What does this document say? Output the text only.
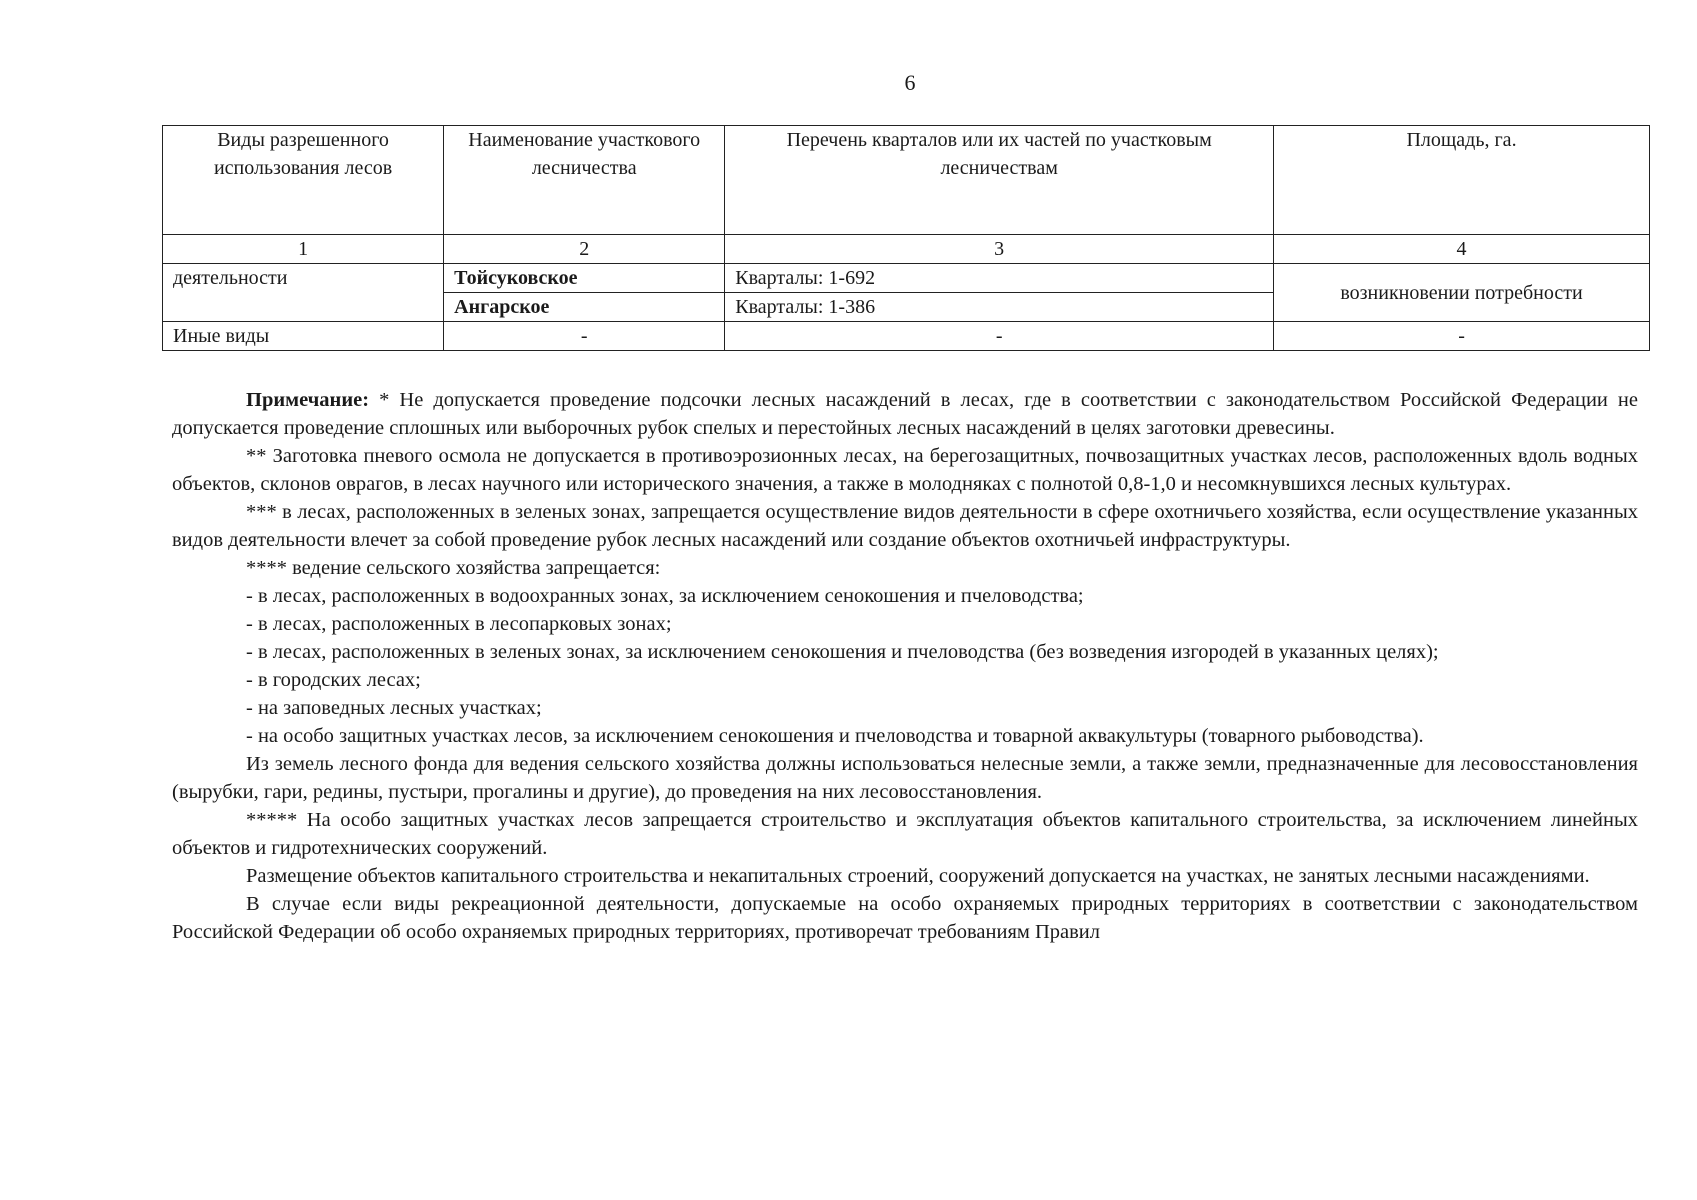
6
Виды разрешенного использования лесов	Наименование участкового лесничества	Перечень кварталов или их частей по участковым лесничествам	Площадь, га.
1	2	3	4
деятельности	Тойсуковское	Кварталы: 1-692	возникновении потребности
	Ангарское	Кварталы: 1-386	
Иные виды	-	-	-

Примечание: * Не допускается проведение подсочки лесных насаждений в лесах, где в соответствии с законодательством Российской Федерации не допускается проведение сплошных или выборочных рубок спелых и перестойных лесных насаждений в целях заготовки древесины.

** Заготовка пневого осмола не допускается в противоэрозионных лесах, на берегозащитных, почвозащитных участках лесов, расположенных вдоль водных объектов, склонов оврагов, в лесах научного или исторического значения, а также в молодняках с полнотой 0,8-1,0 и несомкнувшихся лесных культурах.

*** в лесах, расположенных в зеленых зонах, запрещается осуществление видов деятельности в сфере охотничьего хозяйства, если осуществление указанных видов деятельности влечет за собой проведение рубок лесных насаждений или создание объектов охотничьей инфраструктуры.

**** ведение сельского хозяйства запрещается:

- в лесах, расположенных в водоохранных зонах, за исключением сенокошения и пчеловодства;

- в лесах, расположенных в лесопарковых зонах;

- в лесах, расположенных в зеленых зонах, за исключением сенокошения и пчеловодства (без возведения изгородей в указанных целях);

- в городских лесах;

- на заповедных лесных участках;

- на особо защитных участках лесов, за исключением сенокошения и пчеловодства и товарной аквакультуры (товарного рыбоводства).

Из земель лесного фонда для ведения сельского хозяйства должны использоваться нелесные земли, а также земли, предназначенные для лесовосстановления (вырубки, гари, редины, пустыри, прогалины и другие), до проведения на них лесовосстановления.

***** На особо защитных участках лесов запрещается строительство и эксплуатация объектов капитального строительства, за исключением линейных объектов и гидротехнических сооружений.

Размещение объектов капитального строительства и некапитальных строений, сооружений допускается на участках, не занятых лесными насаждениями.

В случае если виды рекреационной деятельности, допускаемые на особо охраняемых природных территориях в соответствии с законодательством Российской Федерации об особо охраняемых природных территориях, противоречат требованиям Правил
